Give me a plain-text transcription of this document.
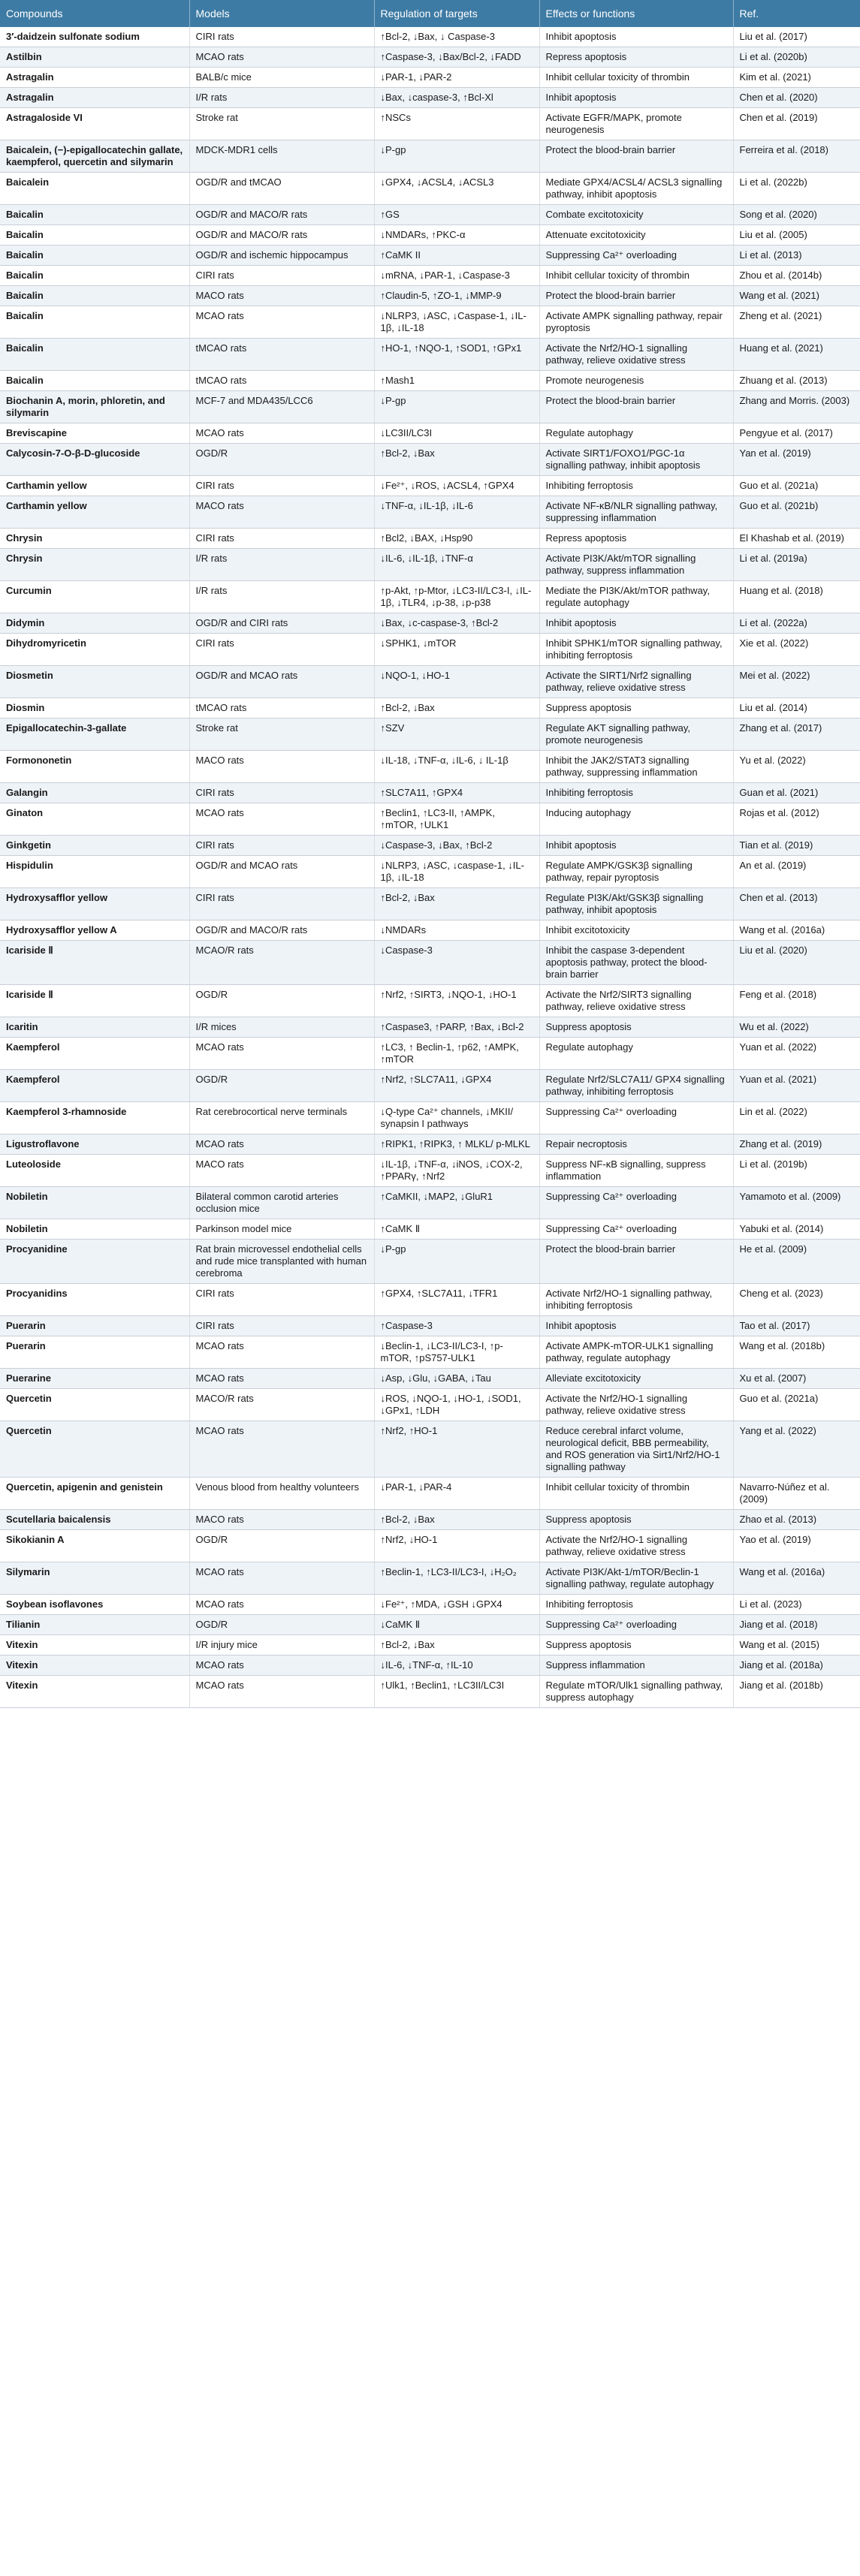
Compounds	Models	Regulation of targets	Effects or functions	Ref.
3′-daidzein sulfonate sodium	CIRI rats	↑Bcl-2, ↓Bax, ↓ Caspase-3	Inhibit apoptosis	Liu et al. (2017)
Astilbin	MCAO rats	↑Caspase-3, ↓Bax/Bcl-2, ↓FADD	Repress apoptosis	Li et al. (2020b)
Astragalin	BALB/c mice	↓PAR-1, ↓PAR-2	Inhibit cellular toxicity of thrombin	Kim et al. (2021)
Astragalin	I/R rats	↓Bax, ↓caspase-3, ↑Bcl-Xl	Inhibit apoptosis	Chen et al. (2020)
Astragaloside VI	Stroke rat	↑NSCs	Activate EGFR/MAPK, promote neurogenesis	Chen et al. (2019)
Baicalein, (−)-epigallocatechin gallate, kaempferol, quercetin and silymarin	MDCK-MDR1 cells	↓P-gp	Protect the blood-brain barrier	Ferreira et al. (2018)
Baicalein	OGD/R and tMCAO	↓GPX4, ↓ACSL4, ↓ACSL3	Mediate GPX4/ACSL4/ ACSL3 signalling pathway, inhibit apoptosis	Li et al. (2022b)
Baicalin	OGD/R and MACO/R rats	↑GS	Combate excitotoxicity	Song et al. (2020)
Baicalin	OGD/R and MACO/R rats	↓NMDARs, ↑PKC-α	Attenuate excitotoxicity	Liu et al. (2005)
Baicalin	OGD/R and ischemic hippocampus	↑CaMK II	Suppressing Ca²⁺ overloading	Li et al. (2013)
Baicalin	CIRI rats	↓mRNA, ↓PAR-1, ↓Caspase-3	Inhibit cellular toxicity of thrombin	Zhou et al. (2014b)
Baicalin	MACO rats	↑Claudin-5, ↑ZO-1, ↓MMP-9	Protect the blood-brain barrier	Wang et al. (2021)
Baicalin	MCAO rats	↓NLRP3, ↓ASC, ↓Caspase-1, ↓IL-1β, ↓IL-18	Activate AMPK signalling pathway, repair pyroptosis	Zheng et al. (2021)
Baicalin	tMCAO rats	↑HO-1, ↑NQO-1, ↑SOD1, ↑GPx1	Activate the Nrf2/HO-1 signalling pathway, relieve oxidative stress	Huang et al. (2021)
Baicalin	tMCAO rats	↑Mash1	Promote neurogenesis	Zhuang et al. (2013)
Biochanin A, morin, phloretin, and silymarin	MCF-7 and MDA435/LCC6	↓P-gp	Protect the blood-brain barrier	Zhang and Morris. (2003)
Breviscapine	MCAO rats	↓LC3II/LC3I	Regulate autophagy	Pengyue et al. (2017)
Calycosin-7-O-β-D-glucoside	OGD/R	↑Bcl-2, ↓Bax	Activate SIRT1/FOXO1/PGC-1α signalling pathway, inhibit apoptosis	Yan et al. (2019)
Carthamin yellow	CIRI rats	↓Fe²⁺, ↓ROS, ↓ACSL4, ↑GPX4	Inhibiting ferroptosis	Guo et al. (2021a)
Carthamin yellow	MACO rats	↓TNF-α, ↓IL-1β, ↓IL-6	Activate NF-κB/NLR signalling pathway, suppressing inflammation	Guo et al. (2021b)
Chrysin	CIRI rats	↑Bcl2, ↓BAX, ↓Hsp90	Repress apoptosis	El Khashab et al. (2019)
Chrysin	I/R rats	↓IL-6, ↓IL-1β, ↓TNF-α	Activate PI3K/Akt/mTOR signalling pathway, suppress inflammation	Li et al. (2019a)
Curcumin	I/R rats	↑p-Akt, ↑p-Mtor, ↓LC3-II/LC3-I, ↓IL-1β, ↓TLR4, ↓p-38, ↓p-p38	Mediate the PI3K/Akt/mTOR pathway, regulate autophagy	Huang et al. (2018)
Didymin	OGD/R and CIRI rats	↓Bax, ↓c-caspase-3, ↑Bcl-2	Inhibit apoptosis	Li et al. (2022a)
Dihydromyricetin	CIRI rats	↓SPHK1, ↓mTOR	Inhibit SPHK1/mTOR signalling pathway, inhibiting ferroptosis	Xie et al. (2022)
Diosmetin	OGD/R and MCAO rats	↓NQO-1, ↓HO-1	Activate the SIRT1/Nrf2 signalling pathway, relieve oxidative stress	Mei et al. (2022)
Diosmin	tMCAO rats	↑Bcl-2, ↓Bax	Suppress apoptosis	Liu et al. (2014)
Epigallocatechin-3-gallate	Stroke rat	↑SZV	Regulate AKT signalling pathway, promote neurogenesis	Zhang et al. (2017)
Formononetin	MACO rats	↓IL-18, ↓TNF-α, ↓IL-6, ↓ IL-1β	Inhibit the JAK2/STAT3 signalling pathway, suppressing inflammation	Yu et al. (2022)
Galangin	CIRI rats	↑SLC7A11, ↑GPX4	Inhibiting ferroptosis	Guan et al. (2021)
Ginaton	MCAO rats	↑Beclin1, ↑LC3-II, ↑AMPK, ↑mTOR, ↑ULK1	Inducing autophagy	Rojas et al. (2012)
Ginkgetin	CIRI rats	↓Caspase-3, ↓Bax, ↑Bcl-2	Inhibit apoptosis	Tian et al. (2019)
Hispidulin	OGD/R and MCAO rats	↓NLRP3, ↓ASC, ↓caspase-1, ↓IL-1β, ↓IL-18	Regulate AMPK/GSK3β signalling pathway, repair pyroptosis	An et al. (2019)
Hydroxysafflor yellow	CIRI rats	↑Bcl-2, ↓Bax	Regulate PI3K/Akt/GSK3β signalling pathway, inhibit apoptosis	Chen et al. (2013)
Hydroxysafflor yellow A	OGD/R and MACO/R rats	↓NMDARs	Inhibit excitotoxicity	Wang et al. (2016a)
Icariside Ⅱ	MCAO/R rats	↓Caspase-3	Inhibit the caspase 3-dependent apoptosis pathway, protect the blood-brain barrier	Liu et al. (2020)
Icariside Ⅱ	OGD/R	↑Nrf2, ↑SIRT3, ↓NQO-1, ↓HO-1	Activate the Nrf2/SIRT3 signalling pathway, relieve oxidative stress	Feng et al. (2018)
Icaritin	I/R mices	↑Caspase3, ↑PARP, ↑Bax, ↓Bcl-2	Suppress apoptosis	Wu et al. (2022)
Kaempferol	MCAO rats	↑LC3, ↑ Beclin-1, ↑p62, ↑AMPK, ↑mTOR	Regulate autophagy	Yuan et al. (2022)
Kaempferol	OGD/R	↑Nrf2, ↑SLC7A11, ↓GPX4	Regulate Nrf2/SLC7A11/ GPX4 signalling pathway, inhibiting ferroptosis	Yuan et al. (2021)
Kaempferol 3-rhamnoside	Rat cerebrocortical nerve terminals	↓Q-type Ca²⁺ channels, ↓MKII/ synapsin I pathways	Suppressing Ca²⁺ overloading	Lin et al. (2022)
Ligustroflavone	MCAO rats	↑RIPK1, ↑RIPK3, ↑ MLKL/ p-MLKL	Repair necroptosis	Zhang et al. (2019)
Luteoloside	MACO rats	↓IL-1β, ↓TNF-α, ↓iNOS, ↓COX-2, ↑PPARγ, ↑Nrf2	Suppress NF-κB signalling, suppress inflammation	Li et al. (2019b)
Nobiletin	Bilateral common carotid arteries occlusion mice	↑CaMKII, ↓MAP2, ↓GluR1	Suppressing Ca²⁺ overloading	Yamamoto et al. (2009)
Nobiletin	Parkinson model mice	↑CaMK Ⅱ	Suppressing Ca²⁺ overloading	Yabuki et al. (2014)
Procyanidine	Rat brain microvessel endothelial cells and rude mice transplanted with human cerebroma	↓P-gp	Protect the blood-brain barrier	He et al. (2009)
Procyanidins	CIRI rats	↑GPX4, ↑SLC7A11, ↓TFR1	Activate Nrf2/HO-1 signalling pathway, inhibiting ferroptosis	Cheng et al. (2023)
Puerarin	CIRI rats	↑Caspase-3	Inhibit apoptosis	Tao et al. (2017)
Puerarin	MCAO rats	↓Beclin-1, ↓LC3-II/LC3-I, ↑p-mTOR, ↑pS757-ULK1	Activate AMPK-mTOR-ULK1 signalling pathway, regulate autophagy	Wang et al. (2018b)
Puerarine	MCAO rats	↓Asp, ↓Glu, ↓GABA, ↓Tau	Alleviate excitotoxicity	Xu et al. (2007)
Quercetin	MACO/R rats	↓ROS, ↓NQO-1, ↓HO-1, ↓SOD1, ↓GPx1, ↑LDH	Activate the Nrf2/HO-1 signalling pathway, relieve oxidative stress	Guo et al. (2021a)
Quercetin	MCAO rats	↑Nrf2, ↑HO-1	Reduce cerebral infarct volume, neurological deficit, BBB permeability, and ROS generation via Sirt1/Nrf2/HO-1 signalling pathway	Yang et al. (2022)
Quercetin, apigenin and genistein	Venous blood from healthy volunteers	↓PAR-1, ↓PAR-4	Inhibit cellular toxicity of thrombin	Navarro-Núñez et al. (2009)
Scutellaria baicalensis	MACO rats	↑Bcl-2, ↓Bax	Suppress apoptosis	Zhao et al. (2013)
Sikokianin A	OGD/R	↑Nrf2, ↓HO-1	Activate the Nrf2/HO-1 signalling pathway, relieve oxidative stress	Yao et al. (2019)
Silymarin	MCAO rats	↑Beclin-1, ↑LC3-II/LC3-I, ↓H₂O₂	Activate PI3K/Akt-1/mTOR/Beclin-1 signalling pathway, regulate autophagy	Wang et al. (2016a)
Soybean isoflavones	MCAO rats	↓Fe²⁺, ↑MDA, ↓GSH ↓GPX4	Inhibiting ferroptosis	Li et al. (2023)
Tilianin	OGD/R	↓CaMK Ⅱ	Suppressing Ca²⁺ overloading	Jiang et al. (2018)
Vitexin	I/R injury mice	↑Bcl-2, ↓Bax	Suppress apoptosis	Wang et al. (2015)
Vitexin	MCAO rats	↓IL-6, ↓TNF-α, ↑IL-10	Suppress inflammation	Jiang et al. (2018a)
Vitexin	MCAO rats	↑Ulk1, ↑Beclin1, ↑LC3II/LC3I	Regulate mTOR/Ulk1 signalling pathway, suppress autophagy	Jiang et al. (2018b)
